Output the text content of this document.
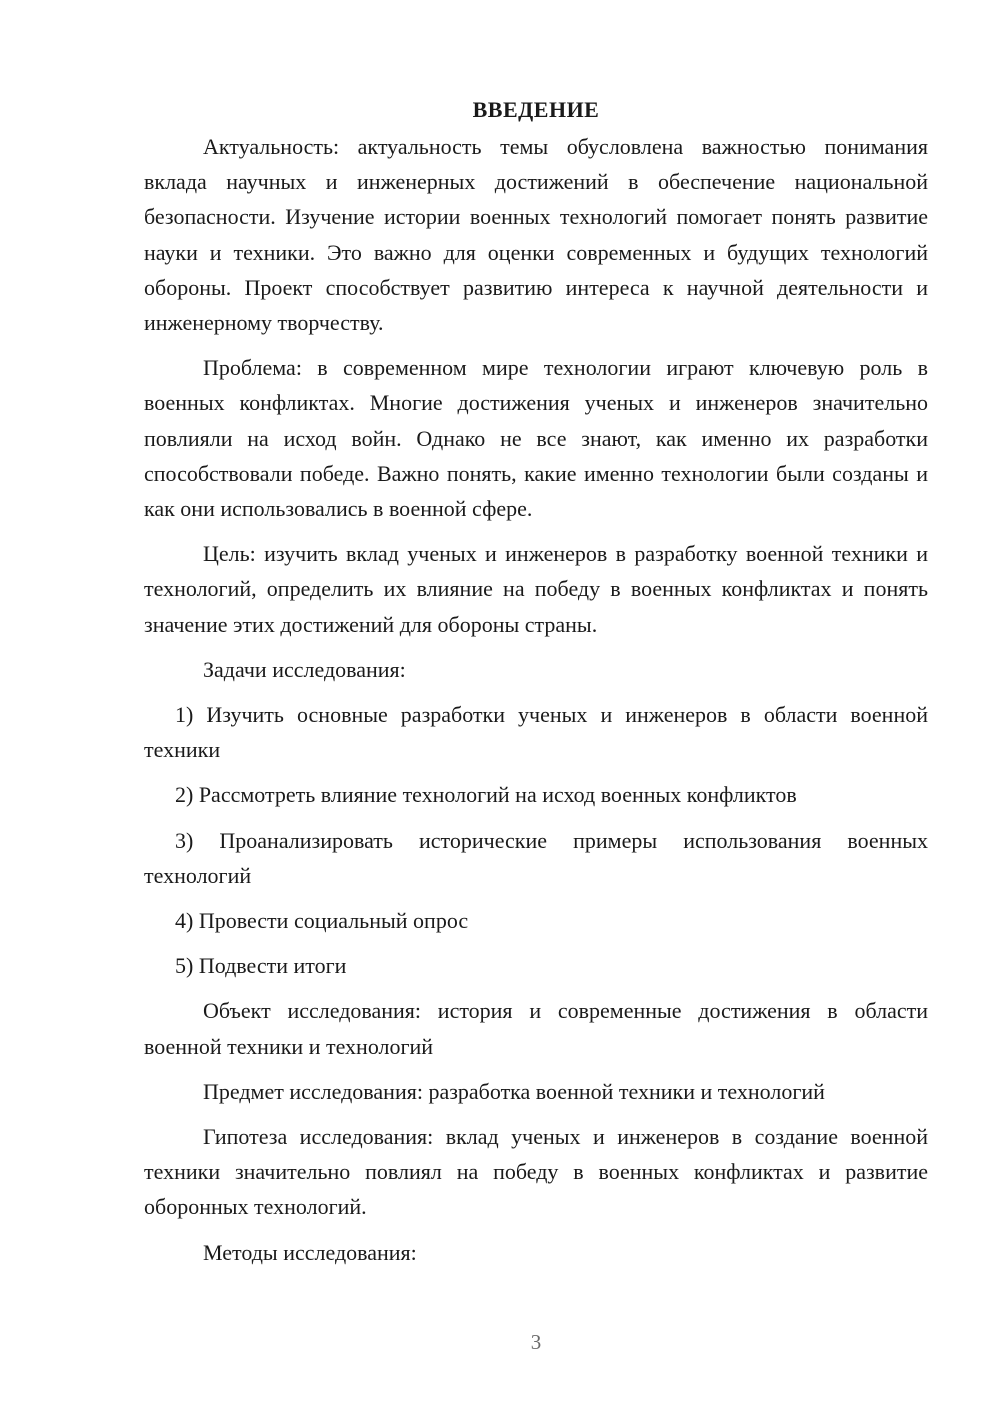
ВВЕДЕНИЕ

Актуальность: актуальность темы обусловлена важностью понимания вклада научных и инженерных достижений в обеспечение национальной безопасности. Изучение истории военных технологий помогает понять развитие науки и техники. Это важно для оценки современных и будущих технологий обороны. Проект способствует развитию интереса к научной деятельности и инженерному творчеству.

Проблема: в современном мире технологии играют ключевую роль в военных конфликтах. Многие достижения ученых и инженеров значительно повлияли на исход войн. Однако не все знают, как именно их разработки способствовали победе. Важно понять, какие именно технологии были созданы и как они использовались в военной сфере.

Цель: изучить вклад ученых и инженеров в разработку военной техники и технологий, определить их влияние на победу в военных конфликтах и понять значение этих достижений для обороны страны.

Задачи исследования:

1) Изучить основные разработки ученых и инженеров в области военной техники

2) Рассмотреть влияние технологий на исход военных конфликтов

3) Проанализировать исторические примеры использования военных технологий

4) Провести социальный опрос

5) Подвести итоги

Объект исследования: история и современные достижения в области военной техники и технологий

Предмет исследования: разработка военной техники и технологий

Гипотеза исследования: вклад ученых и инженеров в создание военной техники значительно повлиял на победу в военных конфликтах и развитие оборонных технологий.

Методы исследования:

3
